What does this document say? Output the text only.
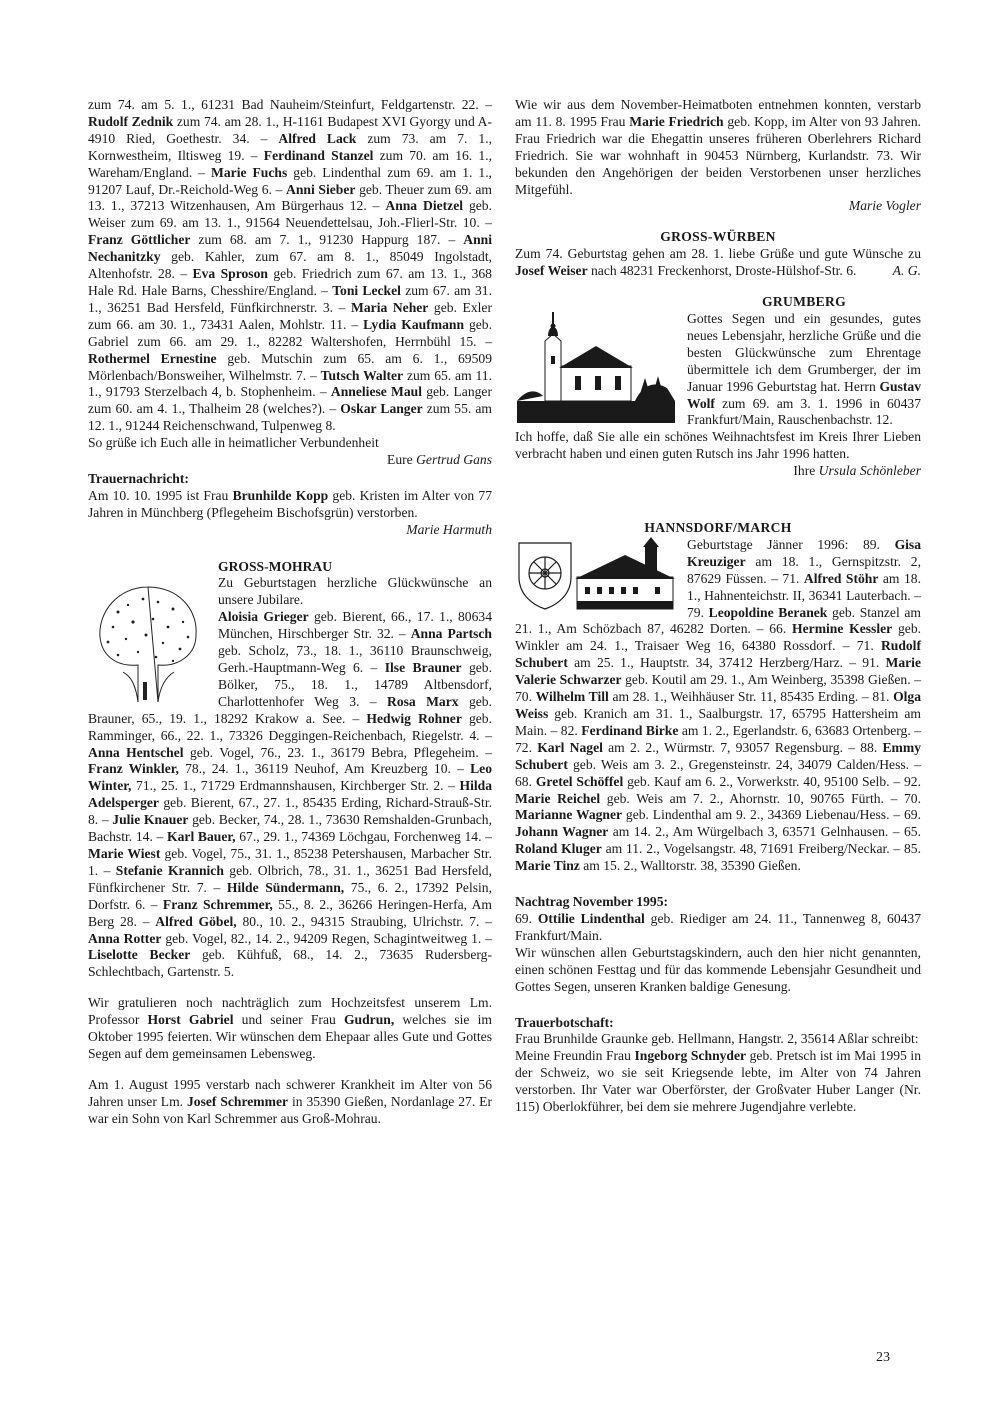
zum 74. am 5. 1., 61231 Bad Nauheim/Steinfurt, Feldgartenstr. 22. – Rudolf Zednik zum 74. am 28. 1., H-1161 Budapest XVI Gyorgy und A-4910 Ried, Goethestr. 34. – Alfred Lack zum 73. am 7. 1., Kornwestheim, Iltisweg 19. – Ferdinand Stanzel zum 70. am 16. 1., Wareham/England. – Marie Fuchs geb. Lindenthal zum 69. am 1. 1., 91207 Lauf, Dr.-Reichold-Weg 6. – Anni Sieber geb. Theuer zum 69. am 13. 1., 37213 Witzenhausen, Am Bürgerhaus 12. – Anna Dietzel geb. Weiser zum 69. am 13. 1., 91564 Neuendettelsau, Joh.-Flierl-Str. 10. – Franz Göttlicher zum 68. am 7. 1., 91230 Happurg 187. – Anni Nechanitzky geb. Kahler, zum 67. am 8. 1., 85049 Ingolstadt, Altenhofstr. 28. – Eva Sproson geb. Friedrich zum 67. am 13. 1., 368 Hale Rd. Hale Barns, Chesshire/England. – Toni Leckel zum 67. am 31. 1., 36251 Bad Hersfeld, Fünfkirchnerstr. 3. – Maria Neher geb. Exler zum 66. am 30. 1., 73431 Aalen, Mohlstr. 11. – Lydia Kaufmann geb. Gabriel zum 66. am 29. 1., 82282 Waltershofen, Herrnbühl 15. – Rothermel Ernestine geb. Mutschin zum 65. am 6. 1., 69509 Mörlenbach/Bonsweiher, Wilhelmstr. 7. – Tutsch Walter zum 65. am 11. 1., 91793 Sterzelbach 4, b. Stophenheim. – Anneliese Maul geb. Langer zum 60. am 4. 1., Thalheim 28 (welches?). – Oskar Langer zum 55. am 12. 1., 91244 Reichenschwand, Tulpenweg 8.

So grüße ich Euch alle in heimatlicher Verbundenheit

Eure Gertrud Gans

Trauernachricht:

Am 10. 10. 1995 ist Frau Brunhilde Kopp geb. Kristen im Alter von 77 Jahren in Münchberg (Pflegeheim Bischofsgrün) verstorben.

Marie Harmuth

GROSS-MOHRAU

Zu Geburtstagen herzliche Glückwünsche an unsere Jubilare.

Aloisia Grieger geb. Bierent, 66., 17. 1., 80634 München, Hirschberger Str. 32. – Anna Partsch geb. Scholz, 73., 18. 1., 36110 Braunschweig, Gerh.-Hauptmann-Weg 6. – Ilse Brauner geb. Bölker, 75., 18. 1., 14789 Altbensdorf, Charlottenhofer Weg 3. – Rosa Marx geb. Brauner, 65., 19. 1., 18292 Krakow a. See. – Hedwig Rohner geb. Ramminger, 66., 22. 1., 73326 Deggingen-Reichenbach, Riegelstr. 4. – Anna Hentschel geb. Vogel, 76., 23. 1., 36179 Bebra, Pflegeheim. – Franz Winkler, 78., 24. 1., 36119 Neuhof, Am Kreuzberg 10. – Leo Winter, 71., 25. 1., 71729 Erdmannshausen, Kirchberger Str. 2. – Hilda Adelsperger geb. Bierent, 67., 27. 1., 85435 Erding, Richard-Strauß-Str. 8. – Julie Knauer geb. Becker, 74., 28. 1., 73630 Remshalden-Grunbach, Bachstr. 14. – Karl Bauer, 67., 29. 1., 74369 Löchgau, Forchenweg 14. – Marie Wiest geb. Vogel, 75., 31. 1., 85238 Petershausen, Marbacher Str. 1. – Stefanie Krannich geb. Olbrich, 78., 31. 1., 36251 Bad Hersfeld, Fünfkirchener Str. 7. – Hilde Sündermann, 75., 6. 2., 17392 Pelsin, Dorfstr. 6. – Franz Schremmer, 55., 8. 2., 36266 Heringen-Herfa, Am Berg 28. – Alfred Göbel, 80., 10. 2., 94315 Straubing, Ulrichstr. 7. – Anna Rotter geb. Vogel, 82., 14. 2., 94209 Regen, Schagintweitweg 1. – Liselotte Becker geb. Kühfuß, 68., 14. 2., 73635 Rudersberg-Schlechtbach, Gartenstr. 5.

Wir gratulieren noch nachträglich zum Hochzeitsfest unserem Lm. Professor Horst Gabriel und seiner Frau Gudrun, welches sie im Oktober 1995 feierten. Wir wünschen dem Ehepaar alles Gute und Gottes Segen auf dem gemeinsamen Lebensweg.

Am 1. August 1995 verstarb nach schwerer Krankheit im Alter von 56 Jahren unser Lm. Josef Schremmer in 35390 Gießen, Nordanlage 27. Er war ein Sohn von Karl Schremmer aus Groß-Mohrau.

Wie wir aus dem November-Heimatboten entnehmen konnten, verstarb am 11. 8. 1995 Frau Marie Friedrich geb. Kopp, im Alter von 93 Jahren. Frau Friedrich war die Ehegattin unseres früheren Oberlehrers Richard Friedrich. Sie war wohnhaft in 90453 Nürnberg, Kurlandstr. 73. Wir bekunden den Angehörigen der beiden Verstorbenen unser herzliches Mitgefühl.

Marie Vogler

GROSS-WÜRBEN

Zum 74. Geburtstag gehen am 28. 1. liebe Grüße und gute Wünsche zu Josef Weiser nach 48231 Freckenhorst, Droste-Hülshof-Str. 6.	A. G.

GRUMBERG

Gottes Segen und ein gesundes, gutes neues Lebensjahr, herzliche Grüße und die besten Glückwünsche zum Ehrentage übermittele ich dem Grumberger, der im Januar 1996 Geburtstag hat. Herrn Gustav Wolf zum 69. am 3. 1. 1996 in 60437 Frankfurt/Main, Rauschenbachstr. 12.

Ich hoffe, daß Sie alle ein schönes Weihnachtsfest im Kreis Ihrer Lieben verbracht haben und einen guten Rutsch ins Jahr 1996 hatten.
Ihre Ursula Schönleber

HANNSDORF/MARCH

Geburtstage Jänner 1996: 89. Gisa Kreuziger am 18. 1., Gernspitzstr. 2, 87629 Füssen. – 71. Alfred Stöhr am 18. 1., Hahnenteichstr. II, 36341 Lauterbach. – 79. Leopoldine Beranek geb. Stanzel am 21. 1., Am Schözbach 87, 46282 Dorten. – 66. Hermine Kessler geb. Winkler am 24. 1., Traisaer Weg 16, 64380 Rossdorf. – 71. Rudolf Schubert am 25. 1., Hauptstr. 34, 37412 Herzberg/Harz. – 91. Marie Valerie Schwarzer geb. Koutil am 29. 1., Am Weinberg, 35398 Gießen. – 70. Wilhelm Till am 28. 1., Weihhäuser Str. 11, 85435 Erding. – 81. Olga Weiss geb. Kranich am 31. 1., Saalburgstr. 17, 65795 Hattersheim am Main. – 82. Ferdinand Birke am 1. 2., Egerlandstr. 6, 63683 Ortenberg. – 72. Karl Nagel am 2. 2., Würmstr. 7, 93057 Regensburg. – 88. Emmy Schubert geb. Weis am 3. 2., Gregensteinstr. 24, 34079 Calden/Hess. – 68. Gretel Schöffel geb. Kauf am 6. 2., Vorwerkstr. 40, 95100 Selb. – 92. Marie Reichel geb. Weis am 7. 2., Ahornstr. 10, 90765 Fürth. – 70. Marianne Wagner geb. Lindenthal am 9. 2., 34369 Liebenau/Hess. – 69. Johann Wagner am 14. 2., Am Würgelbach 3, 63571 Gelnhausen. – 65. Roland Kluger am 11. 2., Vogelsangstr. 48, 71691 Freiberg/Neckar. – 85. Marie Tinz am 15. 2., Walltorstr. 38, 35390 Gießen.

Nachtrag November 1995:

69. Ottilie Lindenthal geb. Riediger am 24. 11., Tannenweg 8, 60437 Frankfurt/Main.

Wir wünschen allen Geburtstagskindern, auch den hier nicht genannten, einen schönen Festtag und für das kommende Lebensjahr Gesundheit und Gottes Segen, unseren Kranken baldige Genesung.

Trauerbotschaft:

Frau Brunhilde Graunke geb. Hellmann, Hangstr. 2, 35614 Aßlar schreibt:

Meine Freundin Frau Ingeborg Schnyder geb. Pretsch ist im Mai 1995 in der Schweiz, wo sie seit Kriegsende lebte, im Alter von 74 Jahren verstorben. Ihr Vater war Oberförster, der Großvater Huber Langer (Nr. 115) Oberlokführer, bei dem sie mehrere Jugendjahre verlebte.

23
